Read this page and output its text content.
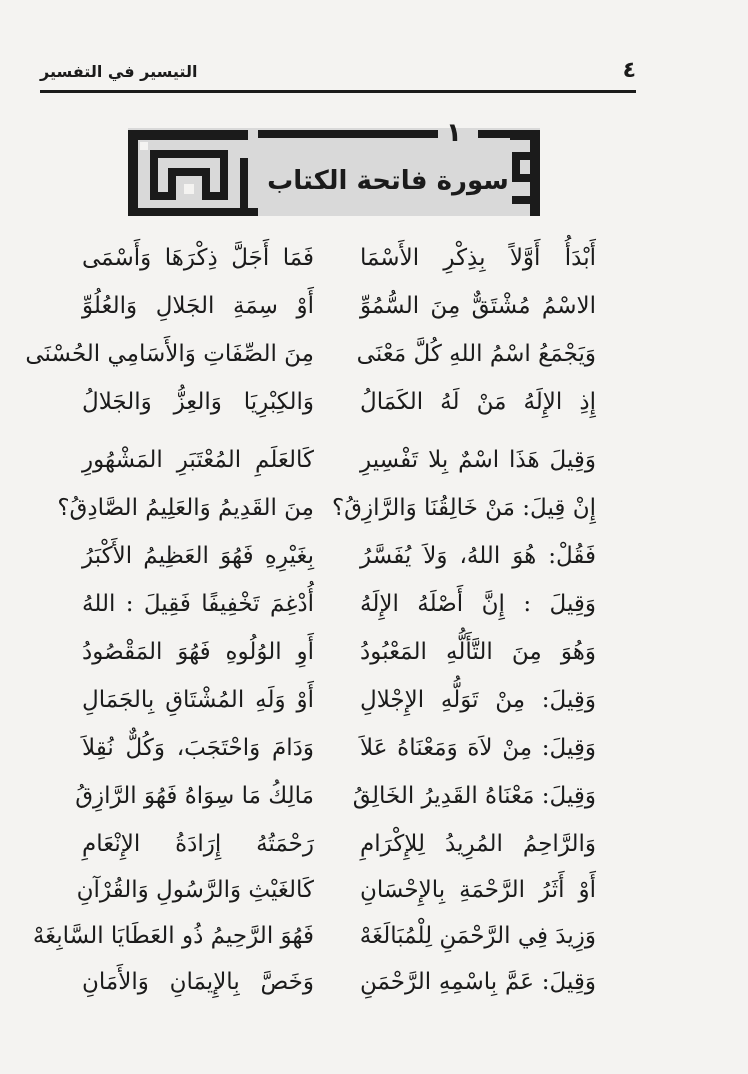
٤
التيسير في التفسير
١
سورة فاتحة الكتاب
أَبْدَأُ أَوَّلاً بِذِكْرِ الأَسْمَا
فَمَا أَجَلَّ ذِكْرَهَا وَأَسْمَى
الاسْمُ مُشْتَقٌّ مِنَ السُّمُوِّ
أَوْ سِمَةِ الجَلالِ وَالعُلُوِّ
وَيَجْمَعُ اسْمُ اللهِ كُلَّ مَعْنَى
مِنَ الصِّفَاتِ وَالأَسَامِي الحُسْنَى
إِذِ الإِلَهُ مَنْ لَهُ الكَمَالُ
وَالكِبْرِيَا وَالعِزُّ وَالجَلالُ
وَقِيلَ هَذَا اسْمٌ بِلا تَفْسِيرِ
كَالعَلَمِ المُعْتَبَرِ المَشْهُورِ
إِنْ قِيلَ: مَنْ خَالِقُنَا وَالرَّازِقُ؟
مِنَ القَدِيمُ وَالعَلِيمُ الصَّادِقُ؟
فَقُلْ: هُوَ اللهُ، وَلاَ يُفَسَّرُ
بِغَيْرِهِ فَهُوَ العَظِيمُ الأَكْبَرُ
وَقِيلَ : إِنَّ أَصْلَهُ الإِلَهُ
أُدْغِمَ تَخْفِيفًا فَقِيلَ : اللهُ
وَهُوَ مِنَ التَّأَلُّهِ المَعْبُودُ
أَوِ الوُلُوهِ فَهُوَ المَقْصُودُ
وَقِيلَ: مِنْ تَوَلُّهِ الإِجْلالِ
أَوْ وَلَهِ المُشْتَاقِ بِالجَمَالِ
وَقِيلَ: مِنْ لاَهَ وَمَعْنَاهُ عَلاَ
وَدَامَ وَاحْتَجَبَ، وَكُلٌّ نُقِلاَ
وَقِيلَ: مَعْنَاهُ القَدِيرُ الخَالِقُ
مَالِكُ مَا سِوَاهُ فَهُوَ الرَّازِقُ
وَالرَّاحِمُ المُرِيدُ لِلإِكْرَامِ
رَحْمَتُهُ إِرَادَةُ الإِنْعَامِ
أَوْ أَثَرُ الرَّحْمَةِ بِالإِحْسَانِ
كَالغَيْثِ وَالرَّسُولِ وَالقُرْآنِ
وَزِيدَ فِي الرَّحْمَنِ لِلْمُبَالَغَهْ
فَهُوَ الرَّحِيمُ ذُو العَطَايَا السَّابِغَهْ
وَقِيلَ: عَمَّ بِاسْمِهِ الرَّحْمَنِ
وَخَصَّ بِالإِيمَانِ وَالأَمَانِ
